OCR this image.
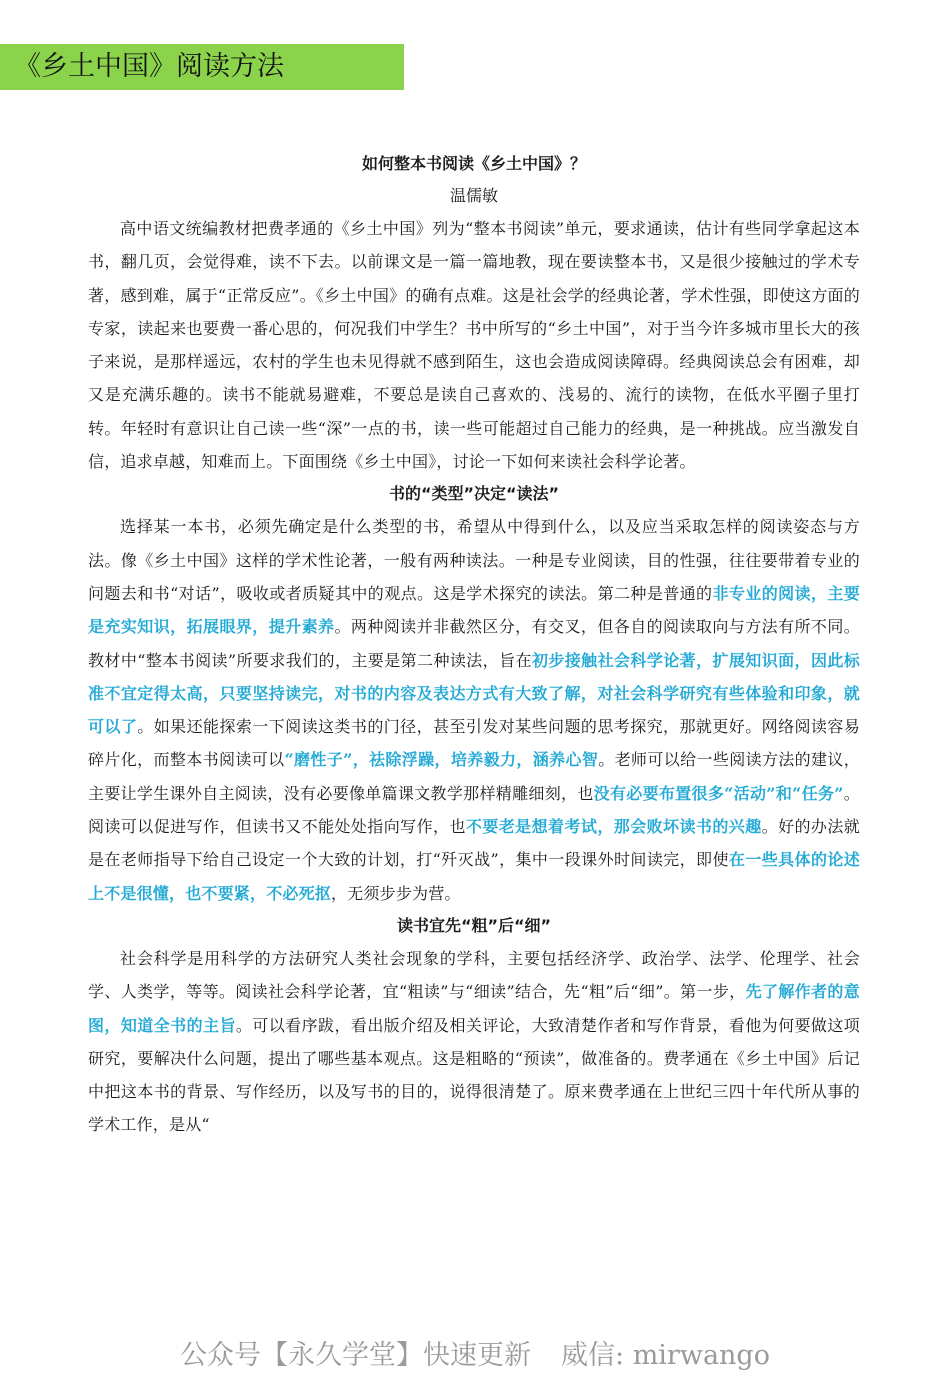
《乡土中国》阅读方法

如何整本书阅读《乡土中国》？

温儒敏

高中语文统编教材把费孝通的《乡土中国》列为“整本书阅读”单元，要求通读，估计有些同学拿起这本书，翻几页，会觉得难，读不下去。以前课文是一篇一篇地教，现在要读整本书，又是很少接触过的学术专著，感到难，属于“正常反应”。《乡土中国》的确有点难。这是社会学的经典论著，学术性强，即使这方面的专家，读起来也要费一番心思的，何况我们中学生？书中所写的“乡土中国”，对于当今许多城市里长大的孩子来说，是那样遥远，农村的学生也未见得就不感到陌生，这也会造成阅读障碍。经典阅读总会有困难，却又是充满乐趣的。读书不能就易避难，不要总是读自己喜欢的、浅易的、流行的读物，在低水平圈子里打转。年轻时有意识让自己读一些“深”一点的书，读一些可能超过自己能力的经典，是一种挑战。应当激发自信，追求卓越，知难而上。下面围绕《乡土中国》，讨论一下如何来读社会科学论著。

书的“类型”决定“读法”

选择某一本书，必须先确定是什么类型的书，希望从中得到什么，以及应当采取怎样的阅读姿态与方法。像《乡土中国》这样的学术性论著，一般有两种读法。一种是专业阅读，目的性强，往往要带着专业的问题去和书“对话”，吸收或者质疑其中的观点。这是学术探究的读法。第二种是普通的非专业的阅读，主要是充实知识，拓展眼界，提升素养。两种阅读并非截然区分，有交叉，但各自的阅读取向与方法有所不同。教材中“整本书阅读”所要求我们的，主要是第二种读法，旨在初步接触社会科学论著，扩展知识面，因此标准不宜定得太高，只要坚持读完，对书的内容及表达方式有大致了解，对社会科学研究有些体验和印象，就可以了。如果还能探索一下阅读这类书的门径，甚至引发对某些问题的思考探究，那就更好。网络阅读容易碎片化，而整本书阅读可以“磨性子”，祛除浮躁，培养毅力，涵养心智。老师可以给一些阅读方法的建议，主要让学生课外自主阅读，没有必要像单篇课文教学那样精雕细刻，也没有必要布置很多“活动”和“任务”。阅读可以促进写作，但读书又不能处处指向写作，也不要老是想着考试，那会败坏读书的兴趣。好的办法就是在老师指导下给自己设定一个大致的计划，打“歼灭战”，集中一段课外时间读完，即使在一些具体的论述上不是很懂，也不要紧，不必死抠，无须步步为营。

读书宜先“粗”后“细”

社会科学是用科学的方法研究人类社会现象的学科，主要包括经济学、政治学、法学、伦理学、社会学、人类学，等等。阅读社会科学论著，宜“粗读”与“细读”结合，先“粗”后“细”。第一步，先了解作者的意图，知道全书的主旨。可以看序跋，看出版介绍及相关评论，大致清楚作者和写作背景，看他为何要做这项研究，要解决什么问题，提出了哪些基本观点。这是粗略的“预读”，做准备的。费孝通在《乡土中国》后记中把这本书的背景、写作经历，以及写书的目的，说得很清楚了。原来费孝通在上世纪三四十年代所从事的学术工作，是从“

公众号【永久学堂】快速更新 威信: mirwango
